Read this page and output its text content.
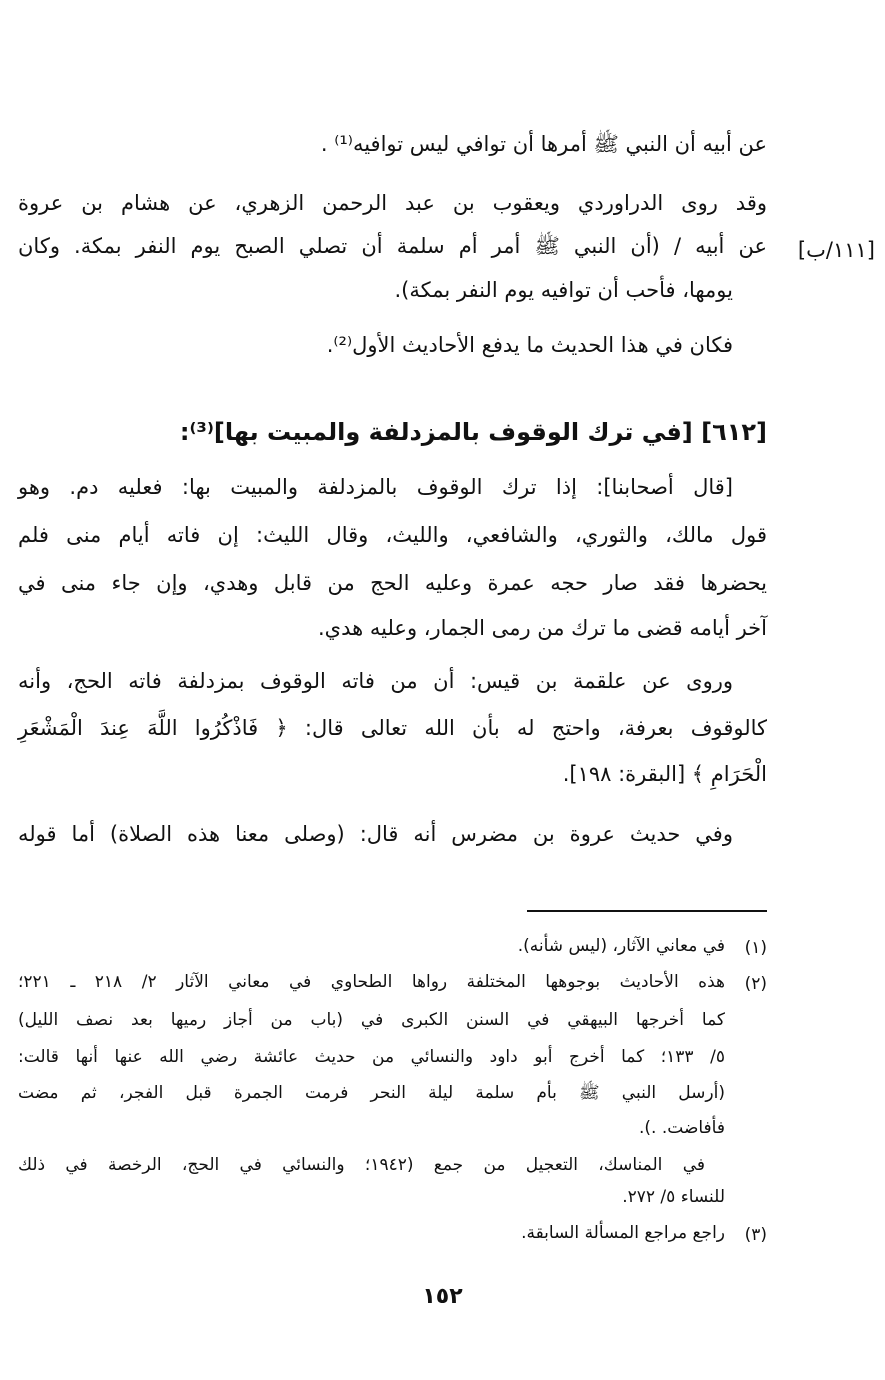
عن أبيه أن النبي ﷺ أمرها أن توافي ليس توافيه⁽¹⁾ .
وقد روى الدراوردي ويعقوب بن عبد الرحمن الزهري، عن هشام بن عروة
عن أبيه / (أن النبي ﷺ أمر أم سلمة أن تصلي الصبح يوم النفر بمكة. وكان
يومها، فأحب أن توافيه يوم النفر بمكة).
فكان في هذا الحديث ما يدفع الأحاديث الأول⁽²⁾.
[٦١٢] [في ترك الوقوف بالمزدلفة والمبيت بها]⁽³⁾:
[قال أصحابنا]: إذا ترك الوقوف بالمزدلفة والمبيت بها: فعليه دم. وهو
قول مالك، والثوري، والشافعي، والليث، وقال الليث: إن فاته أيام منى فلم
يحضرها فقد صار حجه عمرة وعليه الحج من قابل وهدي، وإن جاء منى في
آخر أيامه قضى ما ترك من رمى الجمار، وعليه هدي.
وروى عن علقمة بن قيس: أن من فاته الوقوف بمزدلفة فاته الحج، وأنه
كالوقوف بعرفة، واحتج له بأن الله تعالى قال: ﴿ فَاذْكُرُوا اللَّهَ عِندَ الْمَشْعَرِ
الْحَرَامِ ﴾ [البقرة: ١٩٨].
وفي حديث عروة بن مضرس أنه قال: (وصلى معنا هذه الصلاة) أما قوله
[١١١/ب]
(١)
في معاني الآثار، (ليس شأنه).
(٢)
هذه الأحاديث بوجوهها المختلفة رواها الطحاوي في معاني الآثار ٢/ ٢١٨ ـ ٢٢١؛
كما أخرجها البيهقي في السنن الكبرى في (باب من أجاز رميها بعد نصف الليل)
٥/ ١٣٣؛ كما أخرج أبو داود والنسائي من حديث عائشة رضي الله عنها أنها قالت:
(أرسل النبي ﷺ بأم سلمة ليلة النحر فرمت الجمرة قبل الفجر، ثم مضت
فأفاضت. .).
في المناسك، التعجيل من جمع (١٩٤٢؛ والنسائي في الحج، الرخصة في ذلك
للنساء ٥/ ٢٧٢.
(٣)
راجع مراجع المسألة السابقة.
١٥٢
